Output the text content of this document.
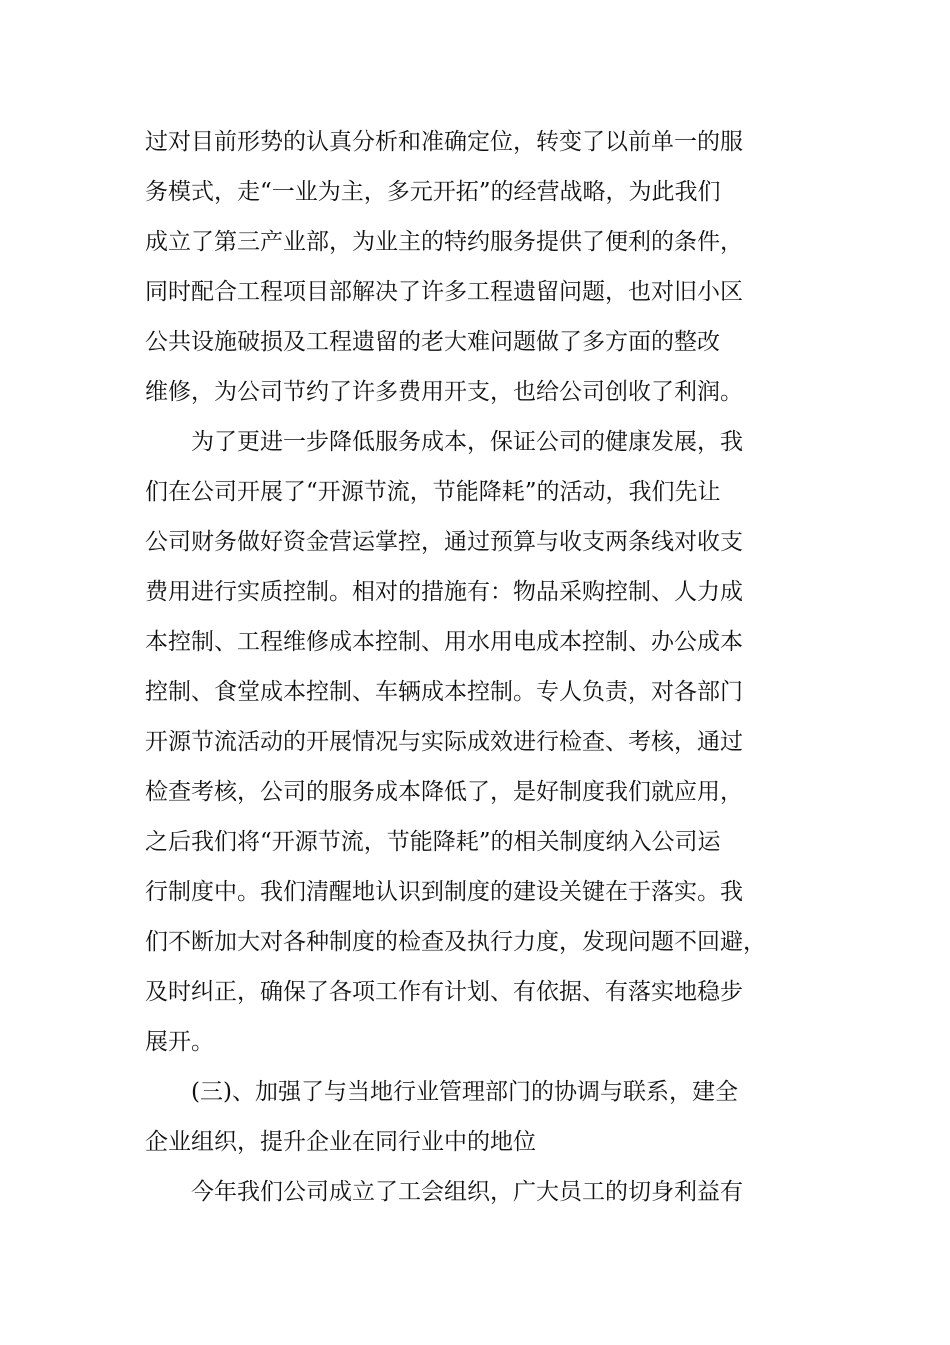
过对目前形势的认真分析和准确定位，转变了以前单一的服
务模式，走“一业为主，多元开拓”的经营战略，为此我们
成立了第三产业部，为业主的特约服务提供了便利的条件，
同时配合工程项目部解决了许多工程遗留问题，也对旧小区
公共设施破损及工程遗留的老大难问题做了多方面的整改
维修，为公司节约了许多费用开支，也给公司创收了利润。
为了更进一步降低服务成本，保证公司的健康发展，我
们在公司开展了“开源节流，节能降耗”的活动，我们先让
公司财务做好资金营运掌控，通过预算与收支两条线对收支
费用进行实质控制。相对的措施有：物品采购控制、人力成
本控制、工程维修成本控制、用水用电成本控制、办公成本
控制、食堂成本控制、车辆成本控制。专人负责，对各部门
开源节流活动的开展情况与实际成效进行检查、考核，通过
检查考核，公司的服务成本降低了，是好制度我们就应用，
之后我们将“开源节流，节能降耗”的相关制度纳入公司运
行制度中。我们清醒地认识到制度的建设关键在于落实。我
们不断加大对各种制度的检查及执行力度，发现问题不回避，
及时纠正，确保了各项工作有计划、有依据、有落实地稳步
展开。
(三)、加强了与当地行业管理部门的协调与联系，建全
企业组织，提升企业在同行业中的地位
今年我们公司成立了工会组织，广大员工的切身利益有
